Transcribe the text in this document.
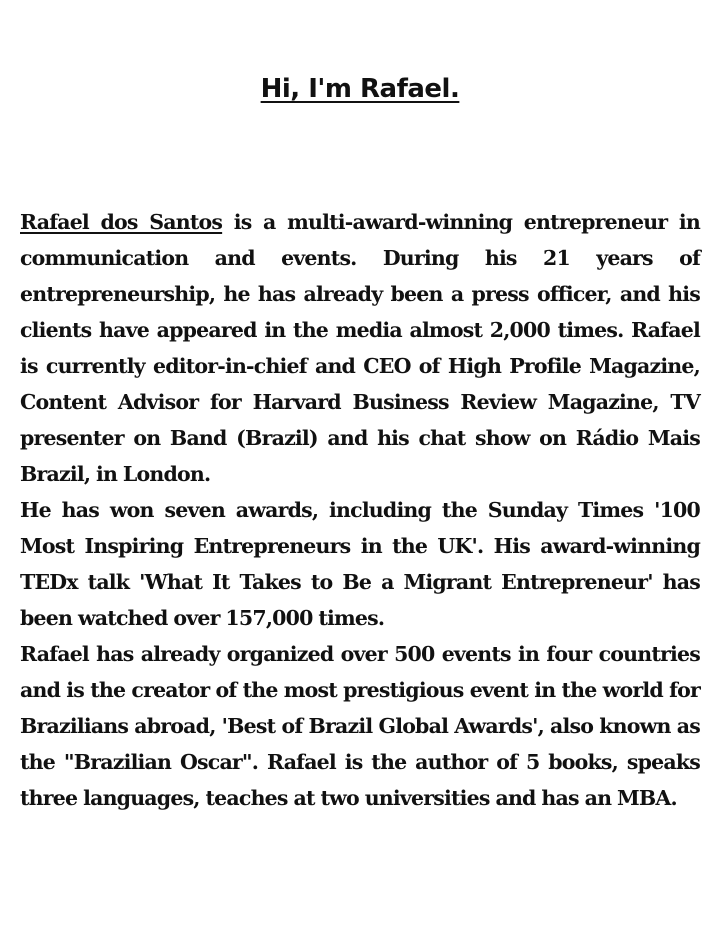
Hi, I'm Rafael.

Rafael dos Santos is a multi-award-winning entrepreneur in communication and events. During his 21 years of entrepreneurship, he has already been a press officer, and his clients have appeared in the media almost 2,000 times. Rafael is currently editor-in-chief and CEO of High Profile Magazine, Content Advisor for Harvard Business Review Magazine, TV presenter on Band (Brazil) and his chat show on Rádio Mais Brazil, in London.

He has won seven awards, including the Sunday Times '100 Most Inspiring Entrepreneurs in the UK'. His award-winning TEDx talk 'What It Takes to Be a Migrant Entrepreneur' has been watched over 157,000 times.

Rafael has already organized over 500 events in four countries and is the creator of the most prestigious event in the world for Brazilians abroad, 'Best of Brazil Global Awards', also known as the "Brazilian Oscar". Rafael is the author of 5 books, speaks three languages, teaches at two universities and has an MBA.
